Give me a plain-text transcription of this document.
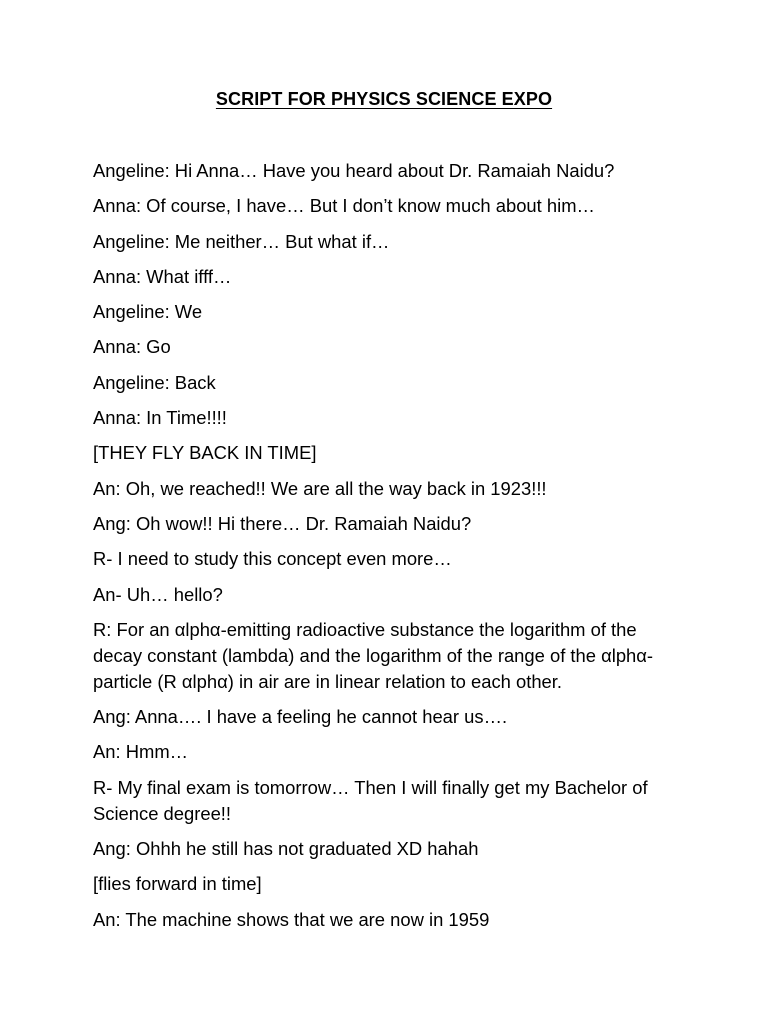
SCRIPT FOR PHYSICS SCIENCE EXPO

Angeline: Hi Anna… Have you heard about Dr. Ramaiah Naidu?

Anna: Of course, I have… But I don’t know much about him…

Angeline: Me neither… But what if…

Anna: What ifff…

Angeline: We

Anna: Go

Angeline: Back

Anna: In Time!!!!

[THEY FLY BACK IN TIME]

An: Oh, we reached!! We are all the way back in 1923!!!

Ang: Oh wow!! Hi there… Dr. Ramaiah Naidu?

R- I need to study this concept even more…

An- Uh… hello?

R: For an αlphα-emitting radioactive substance the logarithm of the decay constant (lambda) and the logarithm of the range of the αlphα-particle (R αlphα) in air are in linear relation to each other.

Ang: Anna…. I have a feeling he cannot hear us….

An: Hmm…

R- My final exam is tomorrow… Then I will finally get my Bachelor of Science degree!!

Ang: Ohhh he still has not graduated XD hahah

[flies forward in time]

An: The machine shows that we are now in 1959
